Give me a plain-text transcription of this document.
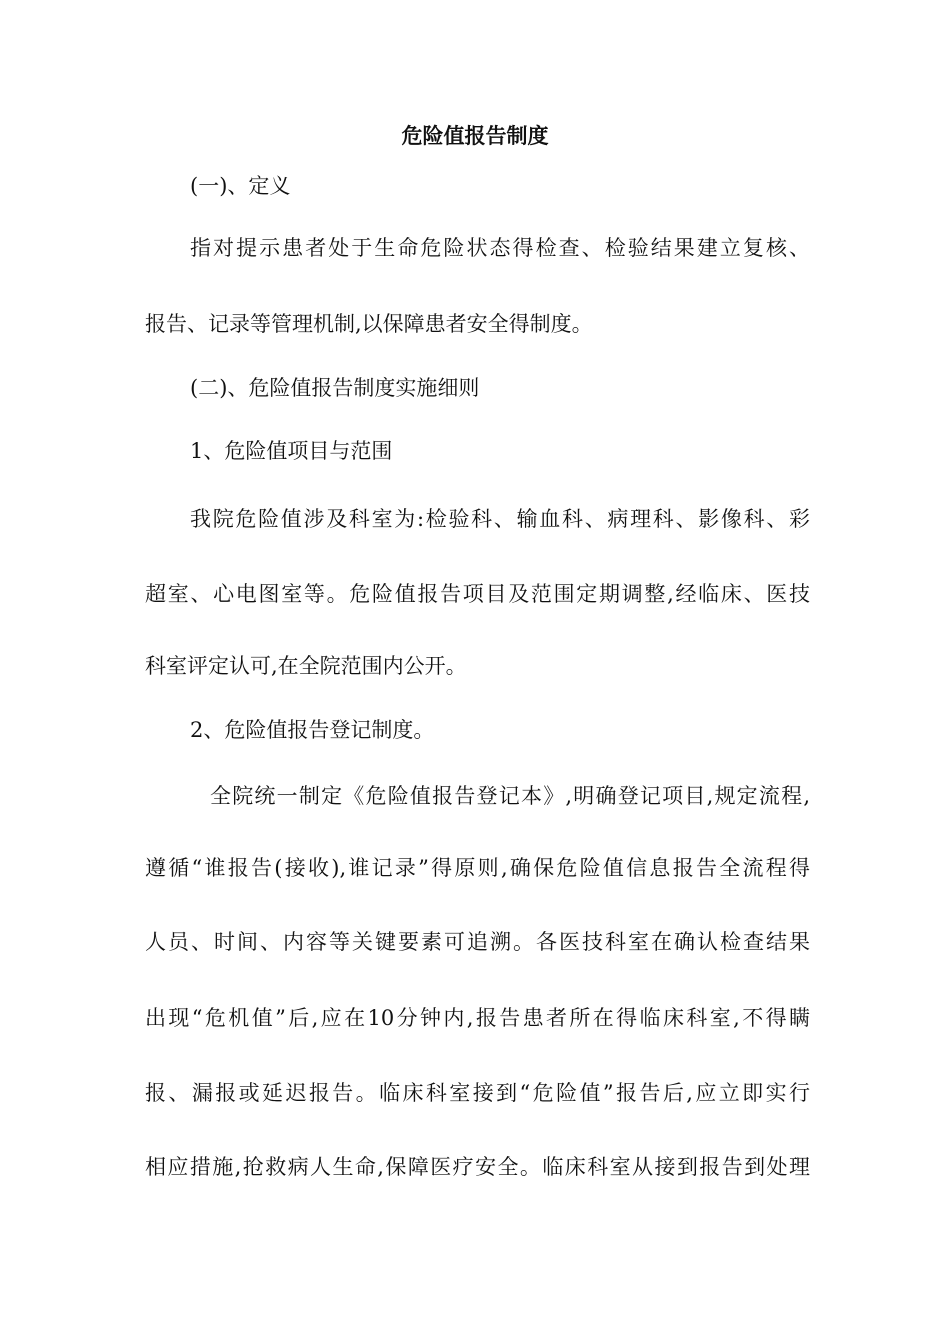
危险值报告制度

(一)、定义

指对提示患者处于生命危险状态得检查、检验结果建立复核、

报告、记录等管理机制,以保障患者安全得制度。

(二)、危险值报告制度实施细则

1、危险值项目与范围

我院危险值涉及科室为:检验科、输血科、病理科、影像科、彩

超室、心电图室等。危险值报告项目及范围定期调整,经临床、医技

科室评定认可,在全院范围内公开。

2、危险值报告登记制度。

全院统一制定《危险值报告登记本》,明确登记项目,规定流程,

遵循“谁报告(接收),谁记录”得原则,确保危险值信息报告全流程得

人员、时间、内容等关键要素可追溯。各医技科室在确认检查结果

出现“危机值”后,应在10分钟内,报告患者所在得临床科室,不得瞒

报、漏报或延迟报告。临床科室接到“危险值”报告后,应立即实行

相应措施,抢救病人生命,保障医疗安全。临床科室从接到报告到处理
